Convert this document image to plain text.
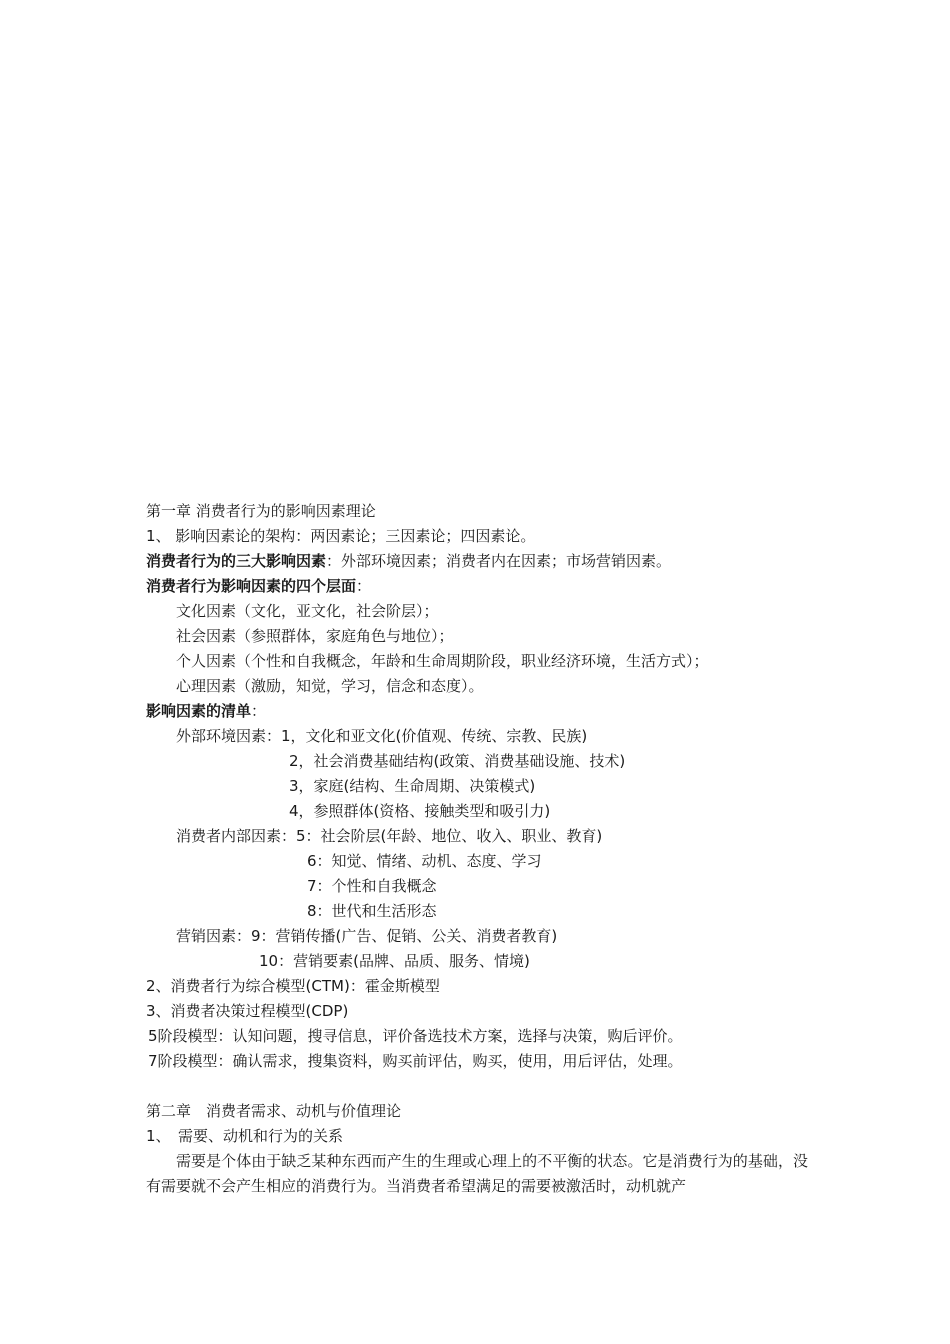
第一章 消费者行为的影响因素理论
1、 影响因素论的架构：两因素论；三因素论；四因素论。
消费者行为的三大影响因素：外部环境因素；消费者内在因素；市场营销因素。
消费者行为影响因素的四个层面：
文化因素（文化，亚文化，社会阶层）；
社会因素（参照群体，家庭角色与地位）；
个人因素（个性和自我概念，年龄和生命周期阶段，职业经济环境，生活方式）；
心理因素（激励，知觉，学习，信念和态度）。
影响因素的清单：
外部环境因素：1，文化和亚文化(价值观、传统、宗教、民族)
2，社会消费基础结构(政策、消费基础设施、技术)
3，家庭(结构、生命周期、决策模式)
4，参照群体(资格、接触类型和吸引力)
消费者内部因素：5：社会阶层(年龄、地位、收入、职业、教育)
6：知觉、情绪、动机、态度、学习
7：个性和自我概念
8：世代和生活形态
营销因素：9：营销传播(广告、促销、公关、消费者教育)
10：营销要素(品牌、品质、服务、情境)
2、消费者行为综合模型(CTM)：霍金斯模型
3、消费者决策过程模型(CDP)
5阶段模型：认知问题，搜寻信息，评价备选技术方案，选择与决策，购后评价。
7阶段模型：确认需求，搜集资料，购买前评估，购买，使用，用后评估，处理。
第二章　消费者需求、动机与价值理论
1、　需要、动机和行为的关系
需要是个体由于缺乏某种东西而产生的生理或心理上的不平衡的状态。它是消费行为的基础，没有需要就不会产生相应的消费行为。当消费者希望满足的需要被激活时，动机就产
